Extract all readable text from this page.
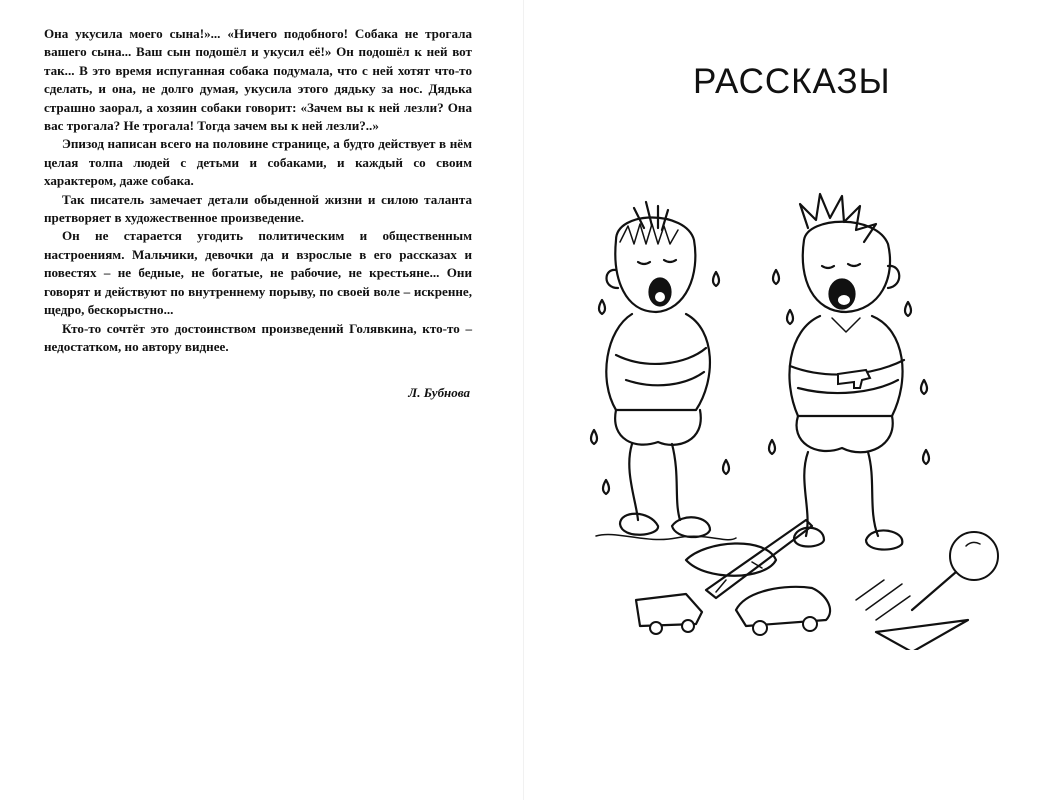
Она укусила моего сына!»... «Ничего подобного! Собака не трогала вашего сына... Ваш сын подошёл и укусил её!» Он подошёл к ней вот так... В это время испуганная собака подумала, что с ней хотят что-то сделать, и она, не долго думая, укусила этого дядьку за нос. Дядька страшно заорал, а хозяин собаки говорит: «Зачем вы к ней лезли? Она вас трогала? Не трогала! Тогда зачем вы к ней лезли?..»

Эпизод написан всего на половине странице, а будто действует в нём целая толпа людей с детьми и собаками, и каждый со своим характером, даже собака.

Так писатель замечает детали обыденной жизни и силою таланта претворяет в художественное произведение.

Он не старается угодить политическим и общественным настроениям. Мальчики, девочки да и взрослые в его рассказах и повестях – не бедные, не богатые, не рабочие, не крестьяне... Они говорят и действуют по внутреннему порыву, по своей воле – искренне, щедро, бескорыстно...

Кто-то сочтёт это достоинством произведений Голявкина, кто-то – недостатком, но автору виднее.

Л. Бубнова
РАССКАЗЫ
